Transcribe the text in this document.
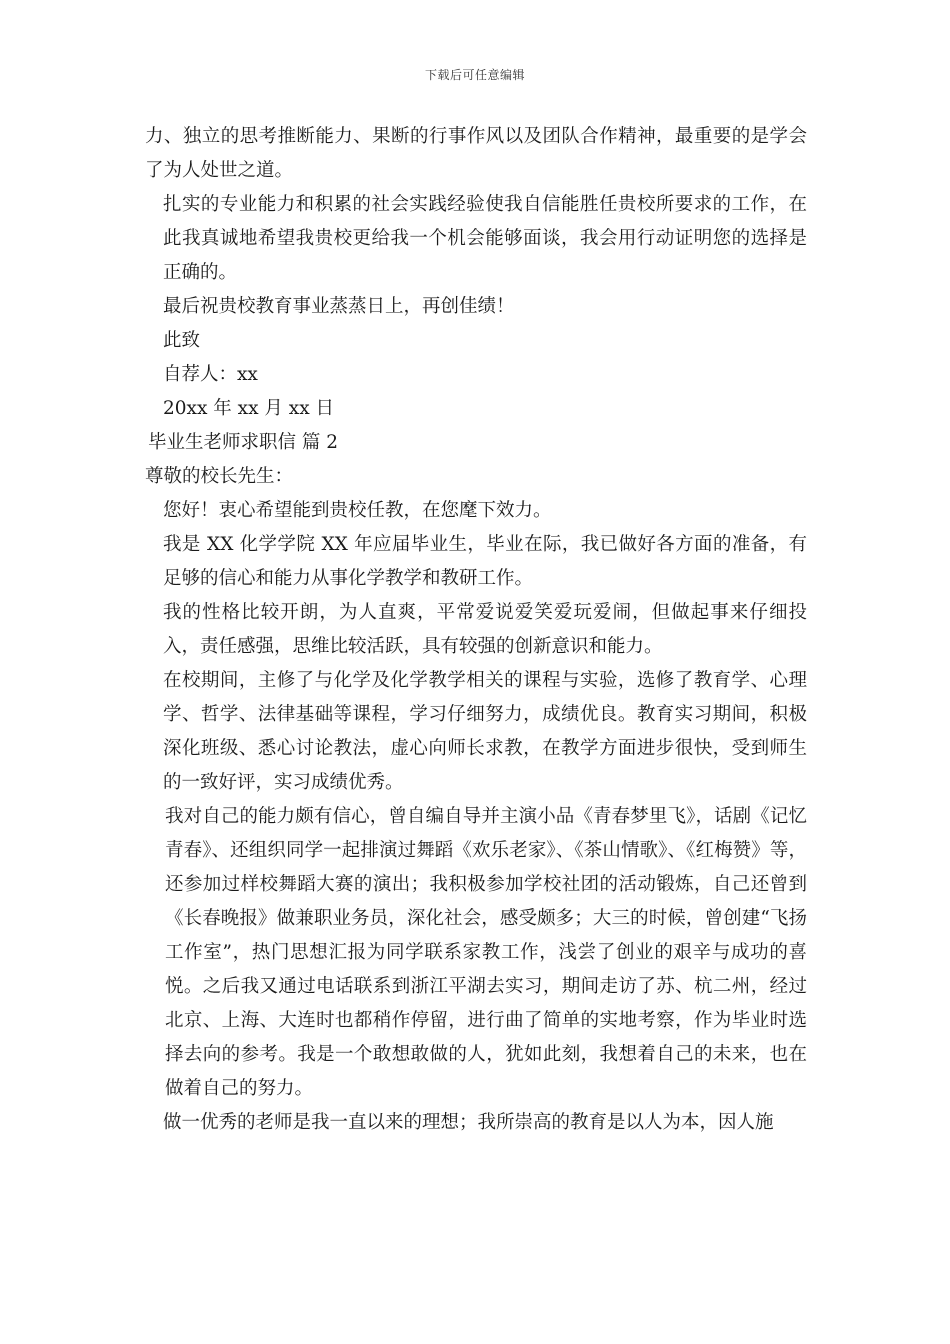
下载后可任意编辑

力、独立的思考推断能力、果断的行事作风以及团队合作精神，最重要的是学会了为人处世之道。

扎实的专业能力和积累的社会实践经验使我自信能胜任贵校所要求的工作，在此我真诚地希望我贵校更给我一个机会能够面谈，我会用行动证明您的选择是正确的。

最后祝贵校教育事业蒸蒸日上，再创佳绩！

此致

自荐人：xx

20xx 年 xx 月 xx 日

毕业生老师求职信 篇 2

尊敬的校长先生：

您好！衷心希望能到贵校任教，在您麾下效力。

我是 XX 化学学院 XX 年应届毕业生，毕业在际，我已做好各方面的准备，有足够的信心和能力从事化学教学和教研工作。

我的性格比较开朗，为人直爽，平常爱说爱笑爱玩爱闹，但做起事来仔细投入，责任感强，思维比较活跃，具有较强的创新意识和能力。

在校期间，主修了与化学及化学教学相关的课程与实验，选修了教育学、心理学、哲学、法律基础等课程，学习仔细努力，成绩优良。教育实习期间，积极深化班级、悉心讨论教法，虚心向师长求教，在教学方面进步很快，受到师生的一致好评，实习成绩优秀。

我对自己的能力颇有信心，曾自编自导并主演小品《青春梦里飞》，话剧《记忆青春》、还组织同学一起排演过舞蹈《欢乐老家》、《茶山情歌》、《红梅赞》等，还参加过样校舞蹈大赛的演出；我积极参加学校社团的活动锻炼，自己还曾到《长春晚报》做兼职业务员，深化社会，感受颇多；大三的时候，曾创建“飞扬工作室”，热门思想汇报为同学联系家教工作，浅尝了创业的艰辛与成功的喜悦。之后我又通过电话联系到浙江平湖去实习，期间走访了苏、杭二州，经过北京、上海、大连时也都稍作停留，进行曲了简单的实地考察，作为毕业时选择去向的参考。我是一个敢想敢做的人，犹如此刻，我想着自己的未来，也在做着自己的努力。

做一优秀的老师是我一直以来的理想；我所崇高的教育是以人为本，因人施
